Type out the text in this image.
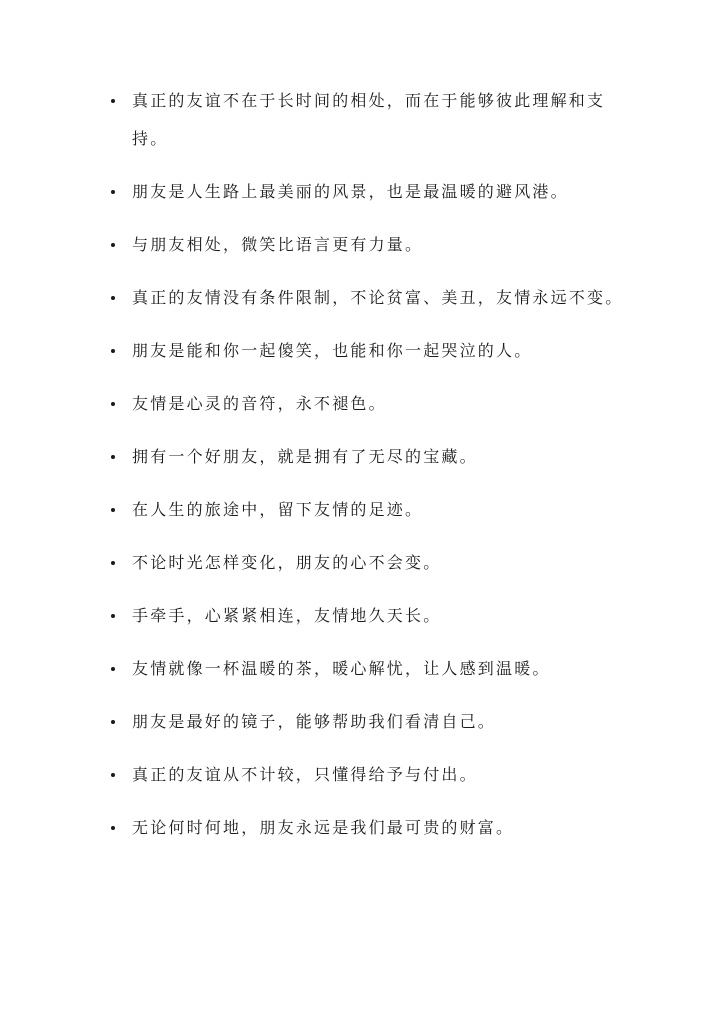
真正的友谊不在于长时间的相处，而在于能够彼此理解和支持。
朋友是人生路上最美丽的风景，也是最温暖的避风港。
与朋友相处，微笑比语言更有力量。
真正的友情没有条件限制，不论贫富、美丑，友情永远不变。
朋友是能和你一起傻笑，也能和你一起哭泣的人。
友情是心灵的音符，永不褪色。
拥有一个好朋友，就是拥有了无尽的宝藏。
在人生的旅途中，留下友情的足迹。
不论时光怎样变化，朋友的心不会变。
手牵手，心紧紧相连，友情地久天长。
友情就像一杯温暖的茶，暖心解忧，让人感到温暖。
朋友是最好的镜子，能够帮助我们看清自己。
真正的友谊从不计较，只懂得给予与付出。
无论何时何地，朋友永远是我们最可贵的财富。
